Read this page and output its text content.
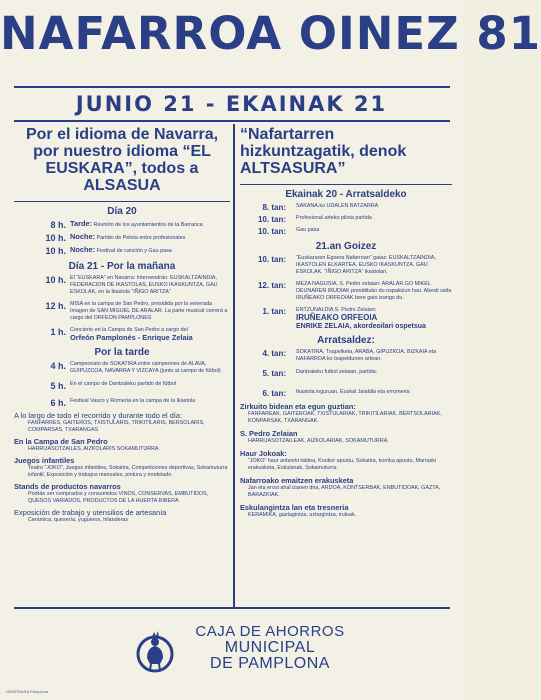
NAFARROA OINEZ 81
JUNIO 21 - EKAINAK 21
Por el idioma de Navarra, por nuestro idioma “EL EUSKARA”, todos a ALSASUA
Día 20
8 h. Tarde: Reunión de los ayuntamientos de la Barranca
10 h. Noche: Partido de Pelota entre profesionales
10 h. Noche: Festival de canción y Gau pasa
Día 21 - Por la mañana
10 h. El “EUSKARA” en Navarra: Intervendrán: EUSKALTZAINDIA, FEDERACION DE IKASTOLAS, EUSKO IKASKUNTZA, GAU ESKOLAK, en la Ikastola “IÑIGO ARITZA”
12 h. MISA en la campa de San Pedro, presidida por la venerada Imagen de SAN MIGUEL DE ARALAR. La parte musical correrá a cargo del ORFEON PAMPLONES
1 h. Concierto en la Campa de San Pedro a cargo del
Orfeón Pamplonés - Enrique Zelaia
Por la tarde
4 h. Campeonato de SOKATIRA entre campeones de ALAVA, GUIPUZCOA, NAVARRA Y VIZCAYA (junto al campo de fútbol)
5 h. En el campo de Dantzaleku partido de fútbol
6 h. Festival Vasco y Romería en la campa de la Ikastola
A lo largo de todo el recorrido y durante todo el día:
FANFARRES, GAITEROS, TXISTULARIS, TRIKITILARIS, BERSOLARIS, COMPARSAS, TXARANGAS
En la Campa de San Pedro
HARRIJASOTZAILES, AIZKOLARIS SOKAMUTURRA
Juegos infantiles
Teatro “JOKO”, Juegos infantiles, Sokatira, Competiciones deportivas, Sokamuturra infantil, Exposición y trabajos manuales, pintura y modelado.
Stands de productos navarros
Podrán ser comprados y consumidos VINOS, CONSERVAS, EMBUTIDOS, QUESOS VARIADOS, PRODUCTOS DE LA HUERTA RIBERA
Exposición de trabajo y utensilios de artesanía
Cerámica, quesería, yugueros, hilanderas
“Nafartarren hizkuntzagatik, denok ALTSASURA”
Ekainak 20 - Arratsaldeko
8. tan:	SAKANA.ko UDALEN BATZARRA
10. tan:	Profesional arteko pilota partida
10. tan:	Gau pasa
21.an Goizez
10. tan:	“Euskararen Egoera Nafarroan” gaiaz: EUSKALTZAINDIA, IKASTOLEN ELKARTEA, EUSKO IKASKUNTZA, GAU ESKOLAK. “IÑIGO ARITZA” ikastolan.
12. tan:	MEZA NAGUSIA, S. Pedro zelaian: ARALAR.GO MIKEL DEUNAREN IRUDIAK presidituko du ospakizun hau. Abesti saila IRUÑEAKO ORFEOIAK bere gain izango du.
1. tan:	ENTZUNALDIA S. Pedro Zelaian:
IRUÑEAKO ORFEOIA
ENRIKE ZELAIA, akordeoilari ospetsua
Arratsaldez:
4. tan:	SOKATIRA, Txapelketa, ARABA, GIPUZKOA, BIZKAIA eta NAFARROA ko txapeldunen artean.
5. tan:	Dantzaleku futbol zelaian, partida:
6. tan:	Ikastola inguruan, Euskal Jaialdia eta erromeria
Zirkuito bidean eta egun guztian:
FANFAREAK, GAITEROAK, TXISTULARIAK, TRIKITILARIAK, BERTSOLARIAK, KONPARSAK, TXARANGAK.
S. Pedro Zelaian
HARRIJASOTZAILEAK, AIZKOLARIAK, SOKAMUTURRA.
Haur Jokoak:
“JOKO” haur antzerki taldea, Kookor apustu, Sokatira, korrika apustu, Marrazki erakusketa, Eskulanak, Sokamuturra.
Nafarroako emaitzen erakusketa
Jan eta erosi ahal izanen dira, ARDOA, KONTSERBAK, ENBUTIDOAK, GAZTA, BARAZKIAK.
Eskulangintza lan eta tresneria
KERAMIKA, gaztagintza, uztargintza, iruleak.
CAJA DE AHORROS
MUNICIPAL
DE PAMPLONA
GRAFINASA Pamplona
